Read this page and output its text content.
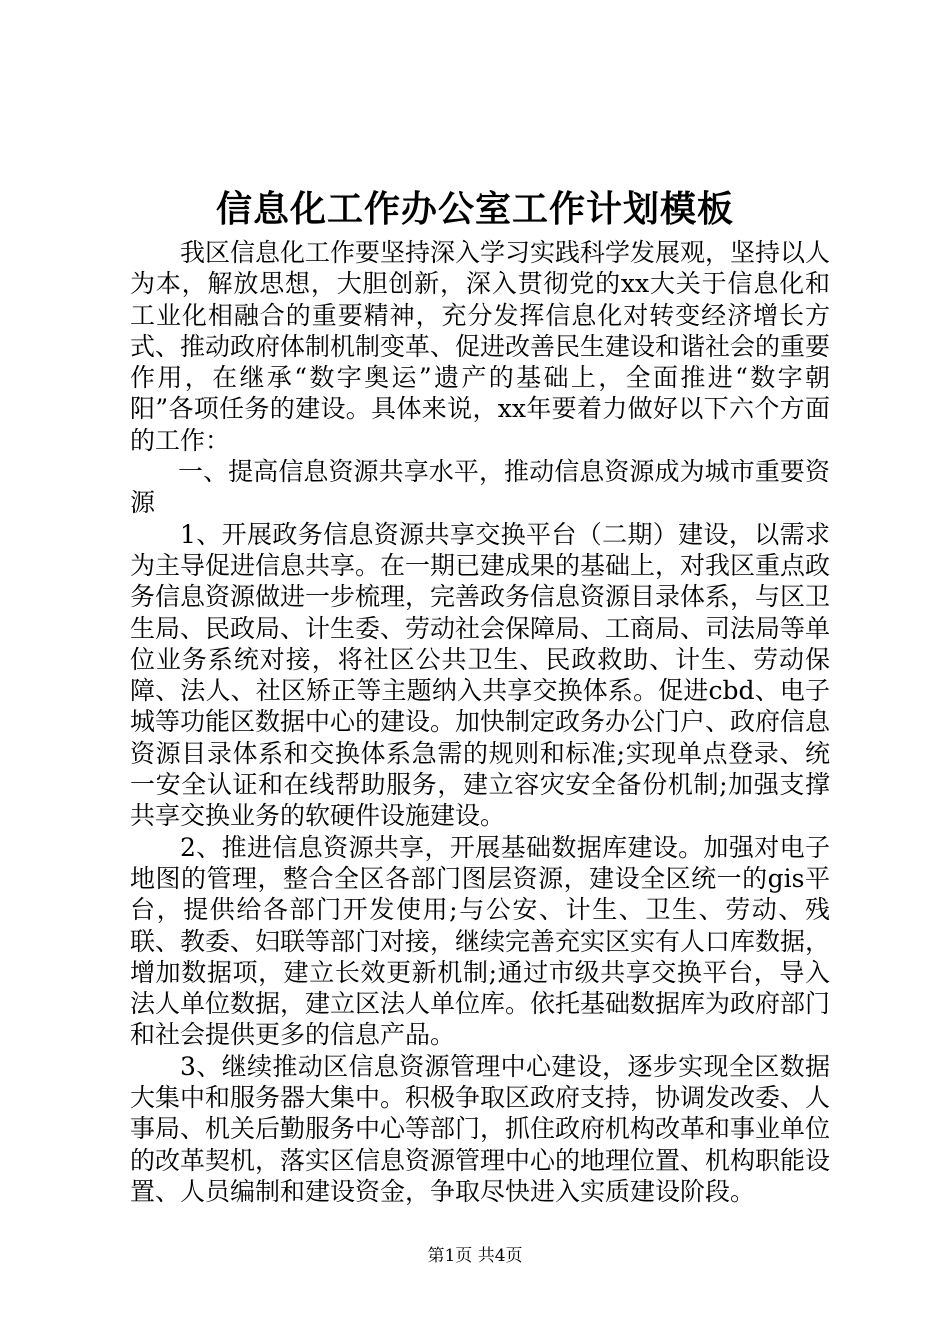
信息化工作办公室工作计划模板

我区信息化工作要坚持深入学习实践科学发展观，坚持以人为本，解放思想，大胆创新，深入贯彻党的xx大关于信息化和工业化相融合的重要精神，充分发挥信息化对转变经济增长方式、推动政府体制机制变革、促进改善民生建设和谐社会的重要作用，在继承“数字奥运”遗产的基础上，全面推进“数字朝阳”各项任务的建设。具体来说，xx年要着力做好以下六个方面的工作：

一、提高信息资源共享水平，推动信息资源成为城市重要资源

1、开展政务信息资源共享交换平台（二期）建设，以需求为主导促进信息共享。在一期已建成果的基础上，对我区重点政务信息资源做进一步梳理，完善政务信息资源目录体系，与区卫生局、民政局、计生委、劳动社会保障局、工商局、司法局等单位业务系统对接，将社区公共卫生、民政救助、计生、劳动保障、法人、社区矫正等主题纳入共享交换体系。促进cbd、电子城等功能区数据中心的建设。加快制定政务办公门户、政府信息资源目录体系和交换体系急需的规则和标准;实现单点登录、统一安全认证和在线帮助服务，建立容灾安全备份机制;加强支撑共享交换业务的软硬件设施建设。

2、推进信息资源共享，开展基础数据库建设。加强对电子地图的管理，整合全区各部门图层资源，建设全区统一的gis平台，提供给各部门开发使用;与公安、计生、卫生、劳动、残联、教委、妇联等部门对接，继续完善充实区实有人口库数据，增加数据项，建立长效更新机制;通过市级共享交换平台，导入法人单位数据，建立区法人单位库。依托基础数据库为政府部门和社会提供更多的信息产品。

3、继续推动区信息资源管理中心建设，逐步实现全区数据大集中和服务器大集中。积极争取区政府支持，协调发改委、人事局、机关后勤服务中心等部门，抓住政府机构改革和事业单位的改革契机，落实区信息资源管理中心的地理位置、机构职能设置、人员编制和建设资金，争取尽快进入实质建设阶段。

第1页 共4页
